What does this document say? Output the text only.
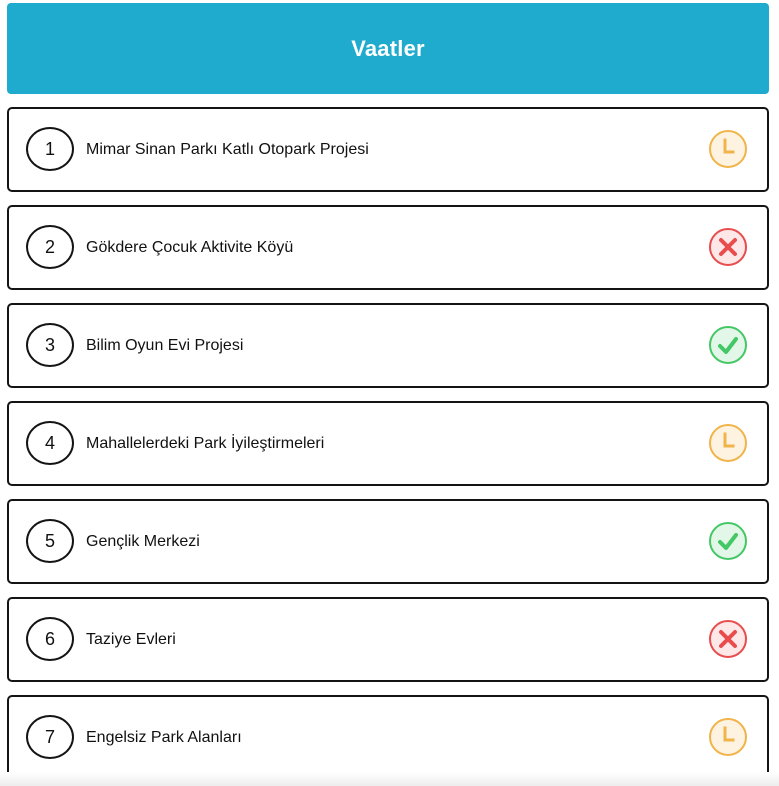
Vaatler
1	Mimar Sinan Parkı Katlı Otopark Projesi
2	Gökdere Çocuk Aktivite Köyü
3	Bilim Oyun Evi Projesi
4	Mahallelerdeki Park İyileştirmeleri
5	Gençlik Merkezi
6	Taziye Evleri
7	Engelsiz Park Alanları
